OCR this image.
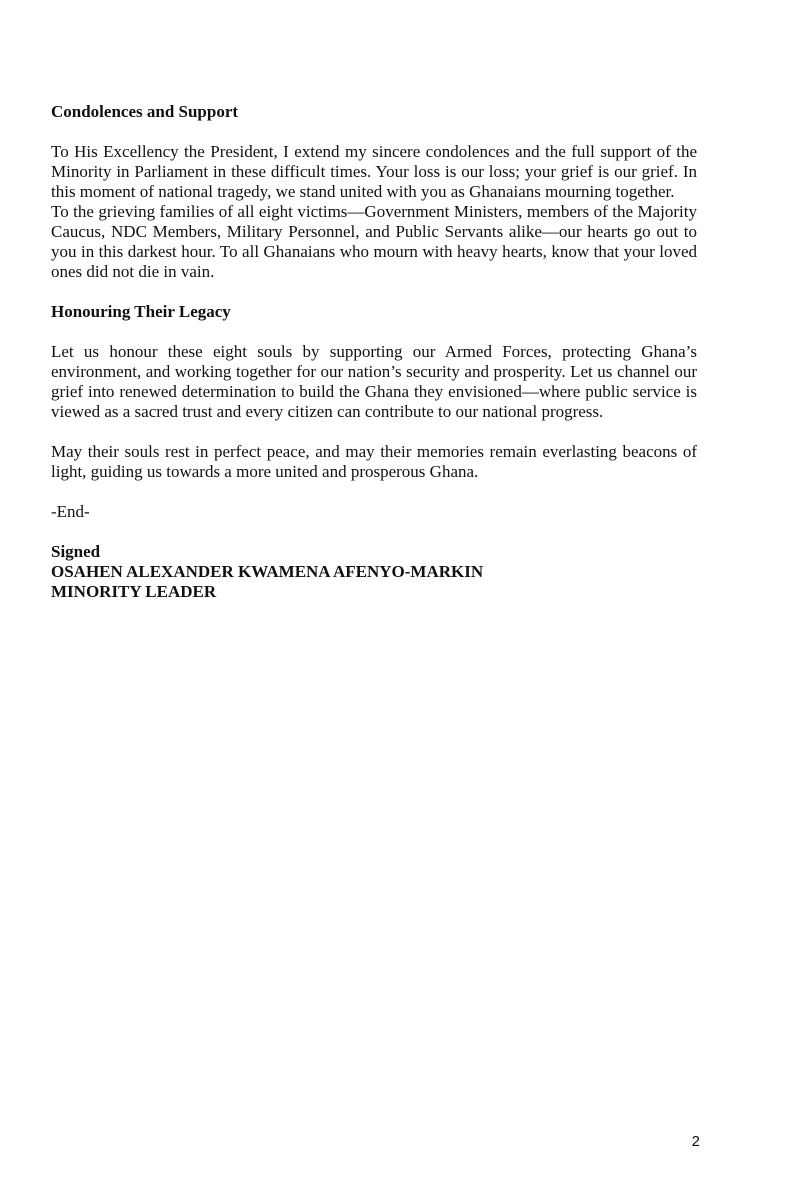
Condolences and Support
To His Excellency the President, I extend my sincere condolences and the full support of the
Minority in Parliament in these difficult times. Your loss is our loss; your grief is our grief. In
this moment of national tragedy, we stand united with you as Ghanaians mourning together.
To the grieving families of all eight victims—Government Ministers, members of the Majority
Caucus, NDC Members, Military Personnel, and Public Servants alike—our hearts go out to
you in this darkest hour. To all Ghanaians who mourn with heavy hearts, know that your loved
ones did not die in vain.
Honouring Their Legacy
Let us honour these eight souls by supporting our Armed Forces, protecting Ghana’s
environment, and working together for our nation’s security and prosperity. Let us channel our
grief into renewed determination to build the Ghana they envisioned—where public service is
viewed as a sacred trust and every citizen can contribute to our national progress.
May their souls rest in perfect peace, and may their memories remain everlasting beacons of
light, guiding us towards a more united and prosperous Ghana.
-End-
Signed
OSAHEN ALEXANDER KWAMENA AFENYO-MARKIN
MINORITY LEADER
2
